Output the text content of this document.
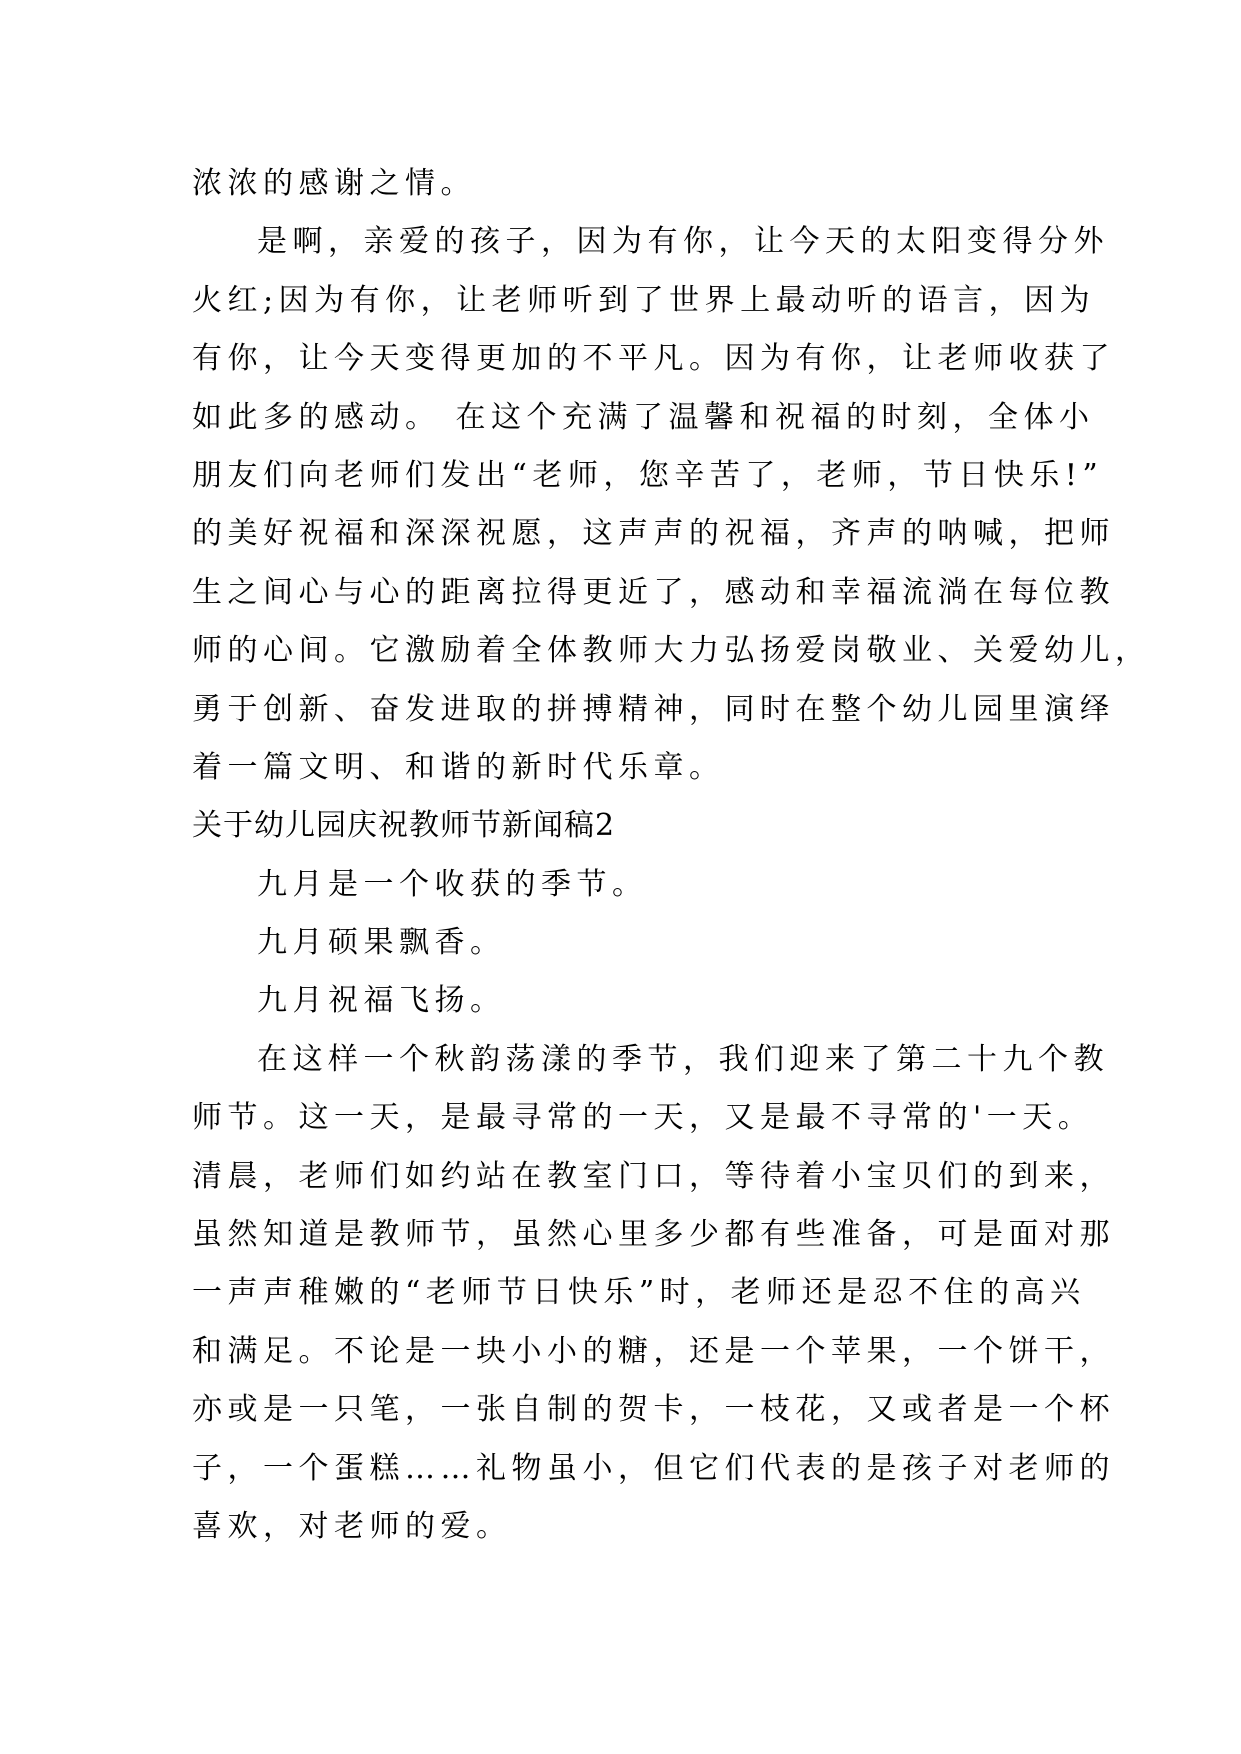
浓浓的感谢之情。
是啊，亲爱的孩子，因为有你，让今天的太阳变得分外
火红;因为有你，让老师听到了世界上最动听的语言，因为
有你，让今天变得更加的不平凡。因为有你，让老师收获了
如此多的感动。 在这个充满了温馨和祝福的时刻，全体小
朋友们向老师们发出“老师，您辛苦了，老师，节日快乐!”
的美好祝福和深深祝愿，这声声的祝福，齐声的呐喊，把师
生之间心与心的距离拉得更近了，感动和幸福流淌在每位教
师的心间。它激励着全体教师大力弘扬爱岗敬业、关爱幼儿，
勇于创新、奋发进取的拼搏精神，同时在整个幼儿园里演绎
着一篇文明、和谐的新时代乐章。
关于幼儿园庆祝教师节新闻稿2
九月是一个收获的季节。
九月硕果飘香。
九月祝福飞扬。
在这样一个秋韵荡漾的季节，我们迎来了第二十九个教
师节。这一天，是最寻常的一天，又是最不寻常的'一天。
清晨，老师们如约站在教室门口，等待着小宝贝们的到来，
虽然知道是教师节，虽然心里多少都有些准备，可是面对那
一声声稚嫩的“老师节日快乐”时，老师还是忍不住的高兴
和满足。不论是一块小小的糖，还是一个苹果，一个饼干，
亦或是一只笔，一张自制的贺卡，一枝花，又或者是一个杯
子，一个蛋糕……礼物虽小，但它们代表的是孩子对老师的
喜欢，对老师的爱。
